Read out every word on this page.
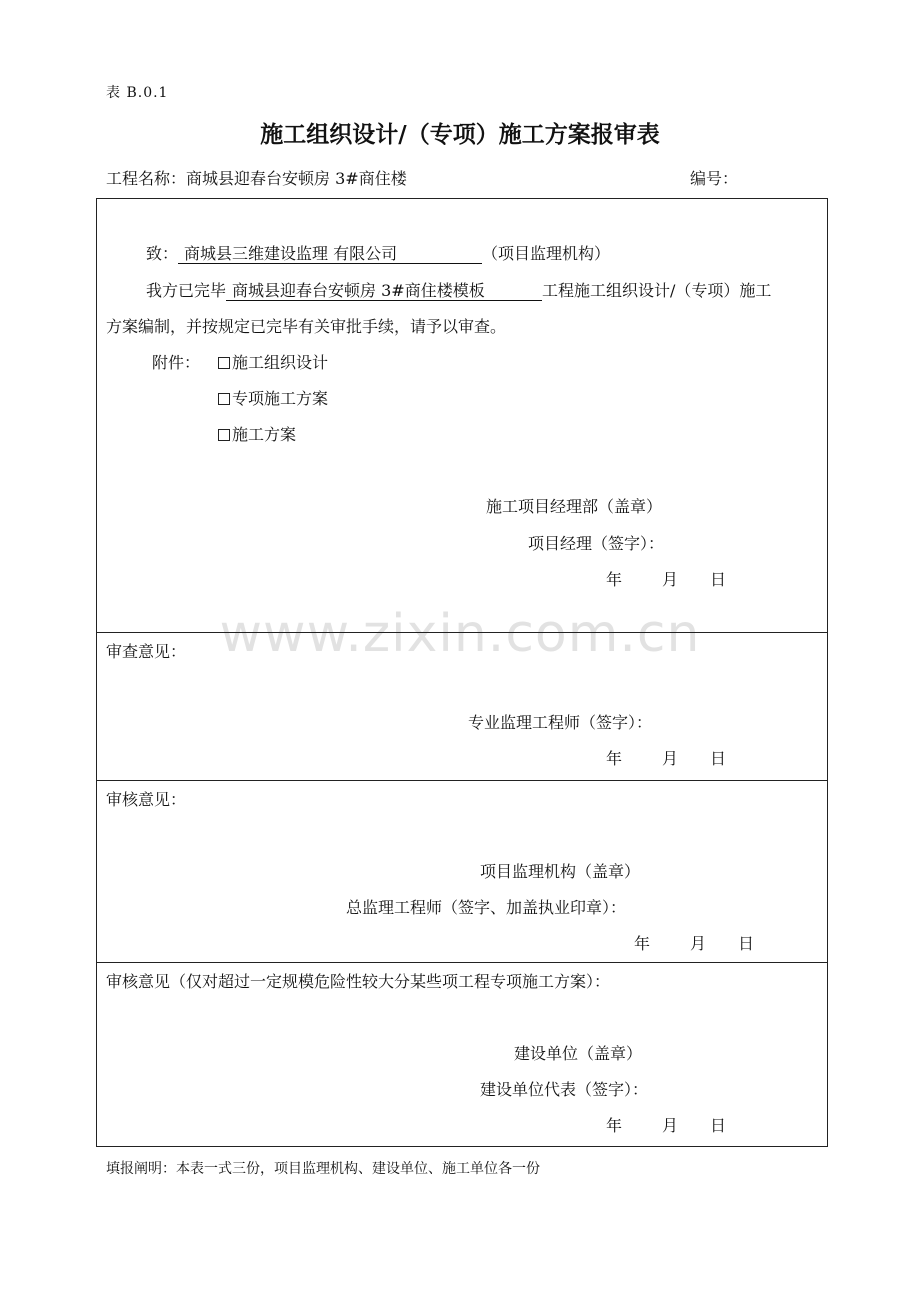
表 B.0.1
施工组织设计/（专项）施工方案报审表
工程名称：商城县迎春台安顿房 3#商住楼	编号：
致： 商城县三维建设监理 有限公司	（项目监理机构）
我方已完毕 商城县迎春台安顿房 3#商住楼模板	工程施工组织设计/（专项）施工
方案编制，并按规定已完毕有关审批手续，请予以审查。
附件：	施工组织设计
专项施工方案
施工方案
施工项目经理部（盖章）
项目经理（签字）：
年 月 日
www.zixin.com.cn
审查意见：
专业监理工程师（签字）：
年 月 日
审核意见：
项目监理机构（盖章）
总监理工程师（签字、加盖执业印章）：
年 月 日
审核意见（仅对超过一定规模危险性较大分某些项工程专项施工方案）：
建设单位（盖章）
建设单位代表（签字）：
年 月 日
填报阐明：本表一式三份，项目监理机构、建设单位、施工单位各一份
